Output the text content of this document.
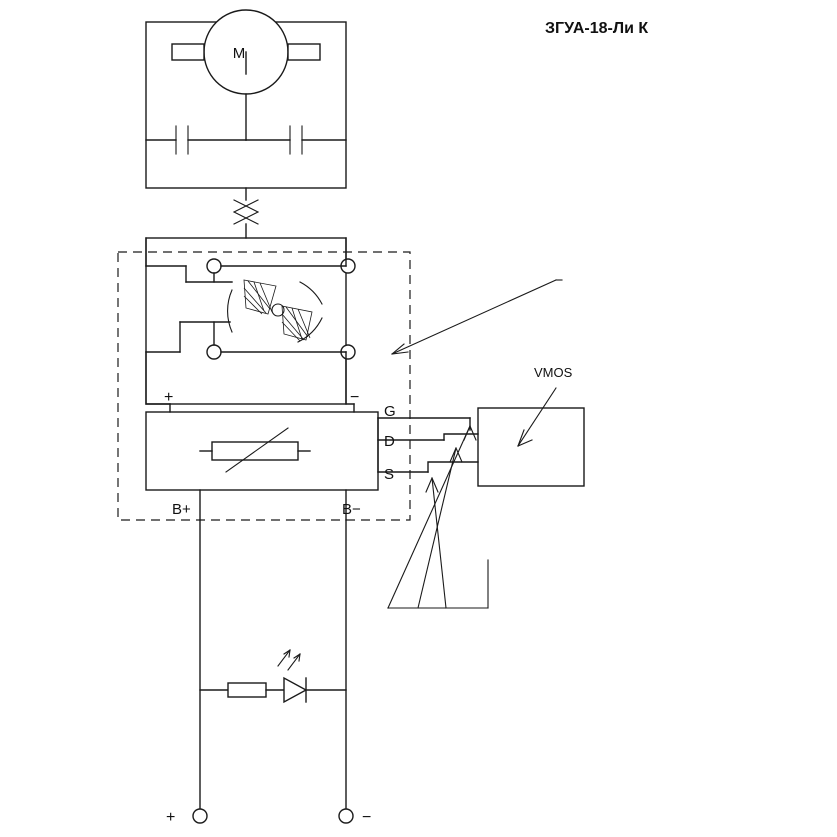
ЗГУА-18-Ли К
M
VMOS
G
D
S
+	−
B+	B−
+	−
